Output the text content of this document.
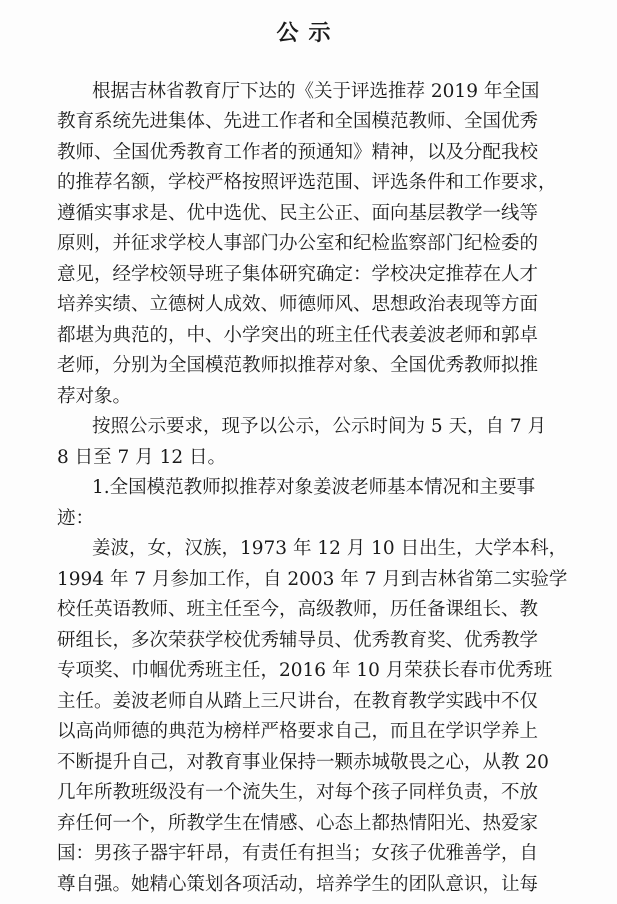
公示
根据吉林省教育厅下达的《关于评选推荐 2019 年全国
教育系统先进集体、先进工作者和全国模范教师、全国优秀
教师、全国优秀教育工作者的预通知》精神，以及分配我校
的推荐名额，学校严格按照评选范围、评选条件和工作要求，
遵循实事求是、优中选优、民主公正、面向基层教学一线等
原则，并征求学校人事部门办公室和纪检监察部门纪检委的
意见，经学校领导班子集体研究确定：学校决定推荐在人才
培养实绩、立德树人成效、师德师风、思想政治表现等方面
都堪为典范的，中、小学突出的班主任代表姜波老师和郭卓
老师，分别为全国模范教师拟推荐对象、全国优秀教师拟推
荐对象。
按照公示要求，现予以公示，公示时间为 5 天，自 7 月
8 日至 7 月 12 日。
1.全国模范教师拟推荐对象姜波老师基本情况和主要事
迹：
姜波，女，汉族，1973 年 12 月 10 日出生，大学本科，
1994 年 7 月参加工作，自 2003 年 7 月到吉林省第二实验学
校任英语教师、班主任至今，高级教师，历任备课组长、教
研组长，多次荣获学校优秀辅导员、优秀教育奖、优秀教学
专项奖、巾帼优秀班主任，2016 年 10 月荣获长春市优秀班
主任。姜波老师自从踏上三尺讲台，在教育教学实践中不仅
以高尚师德的典范为榜样严格要求自己，而且在学识学养上
不断提升自己，对教育事业保持一颗赤城敬畏之心，从教 20
几年所教班级没有一个流失生，对每个孩子同样负责，不放
弃任何一个，所教学生在情感、心态上都热情阳光、热爱家
国：男孩子器宇轩昂，有责任有担当；女孩子优雅善学，自
尊自强。她精心策划各项活动，培养学生的团队意识，让每
